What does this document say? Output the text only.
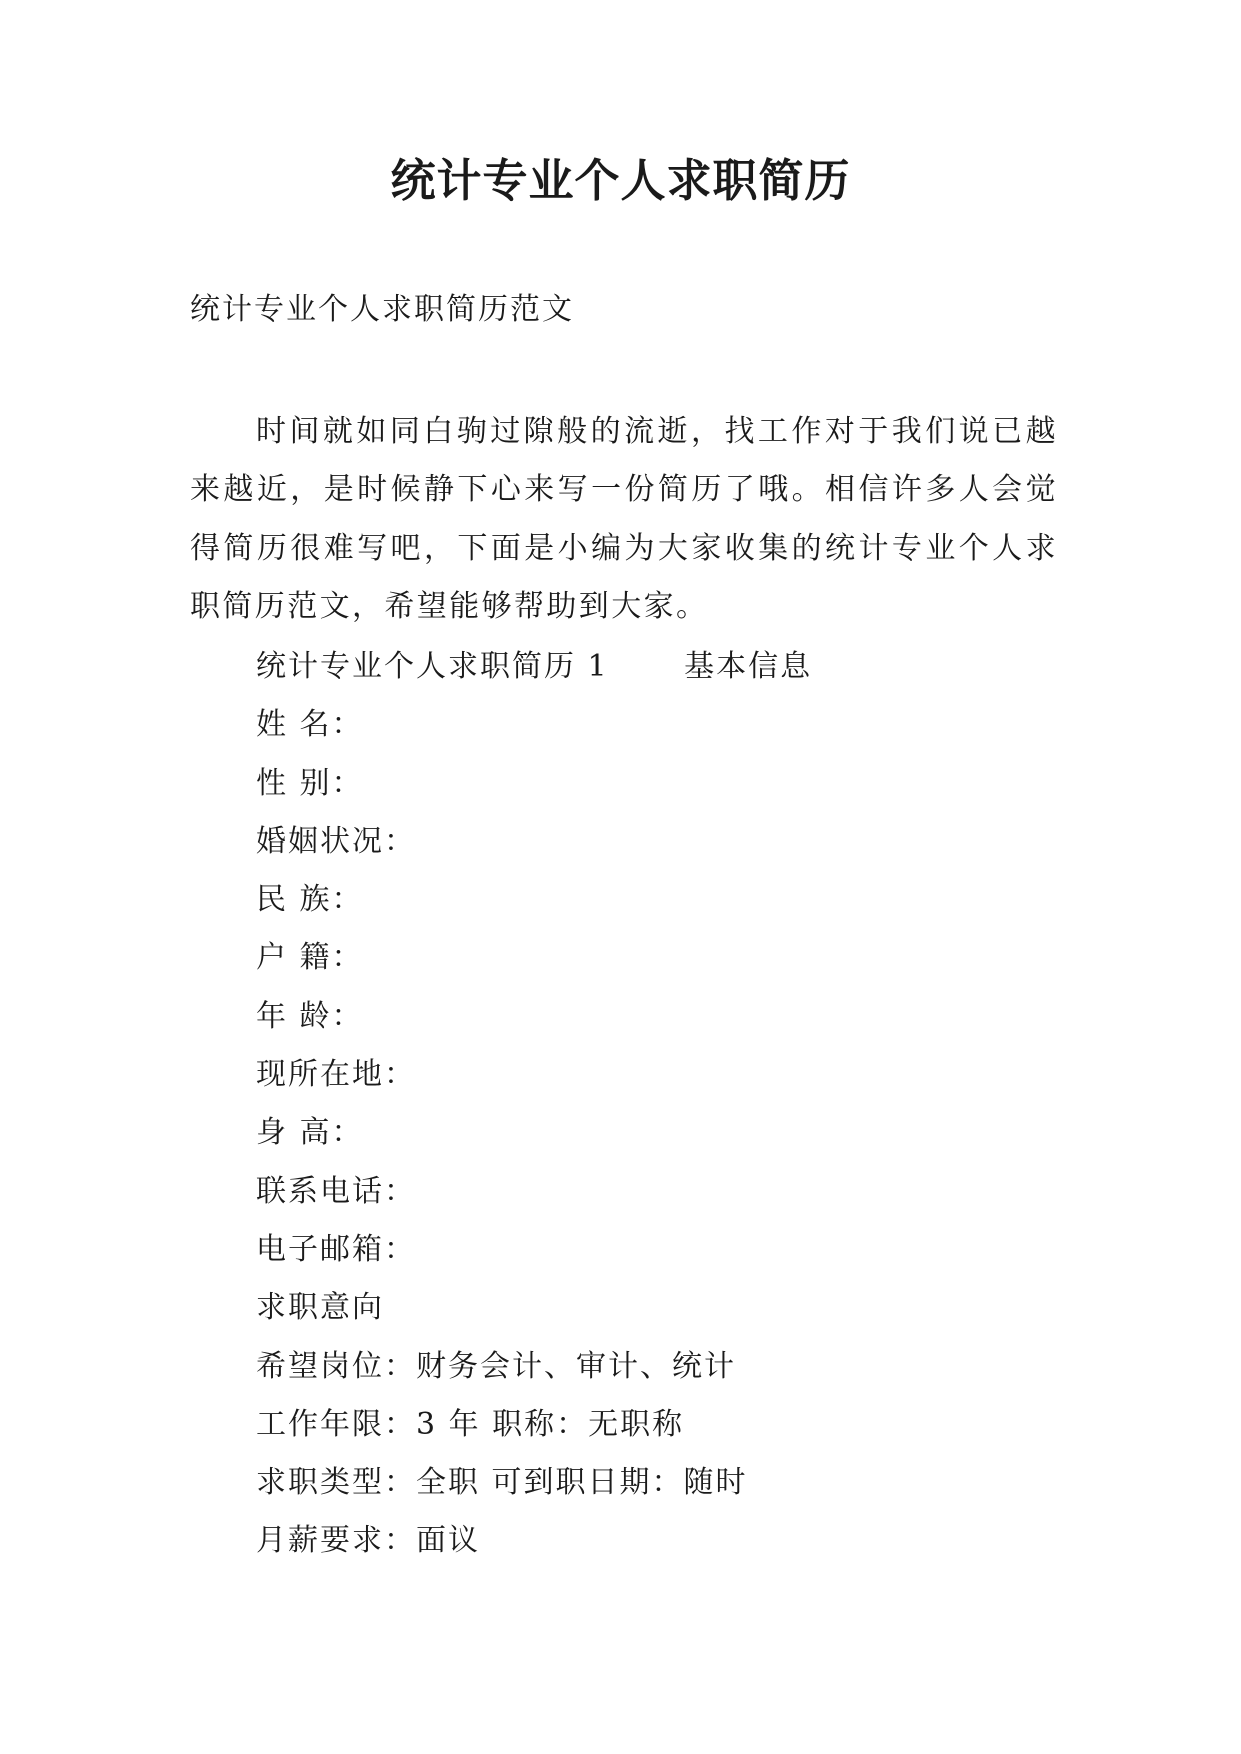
统计专业个人求职简历

统计专业个人求职简历范文

时间就如同白驹过隙般的流逝，找工作对于我们说已越来越近，是时候静下心来写一份简历了哦。相信许多人会觉得简历很难写吧，下面是小编为大家收集的统计专业个人求职简历范文，希望能够帮助到大家。

统计专业个人求职简历 1　　 基本信息
姓 名：
性 别：
婚姻状况：
民 族：
户 籍：
年 龄：
现所在地：
身 高：
联系电话：
电子邮箱：
求职意向
希望岗位：财务会计、审计、统计
工作年限：3 年 职称：无职称
求职类型：全职 可到职日期：随时
月薪要求：面议
